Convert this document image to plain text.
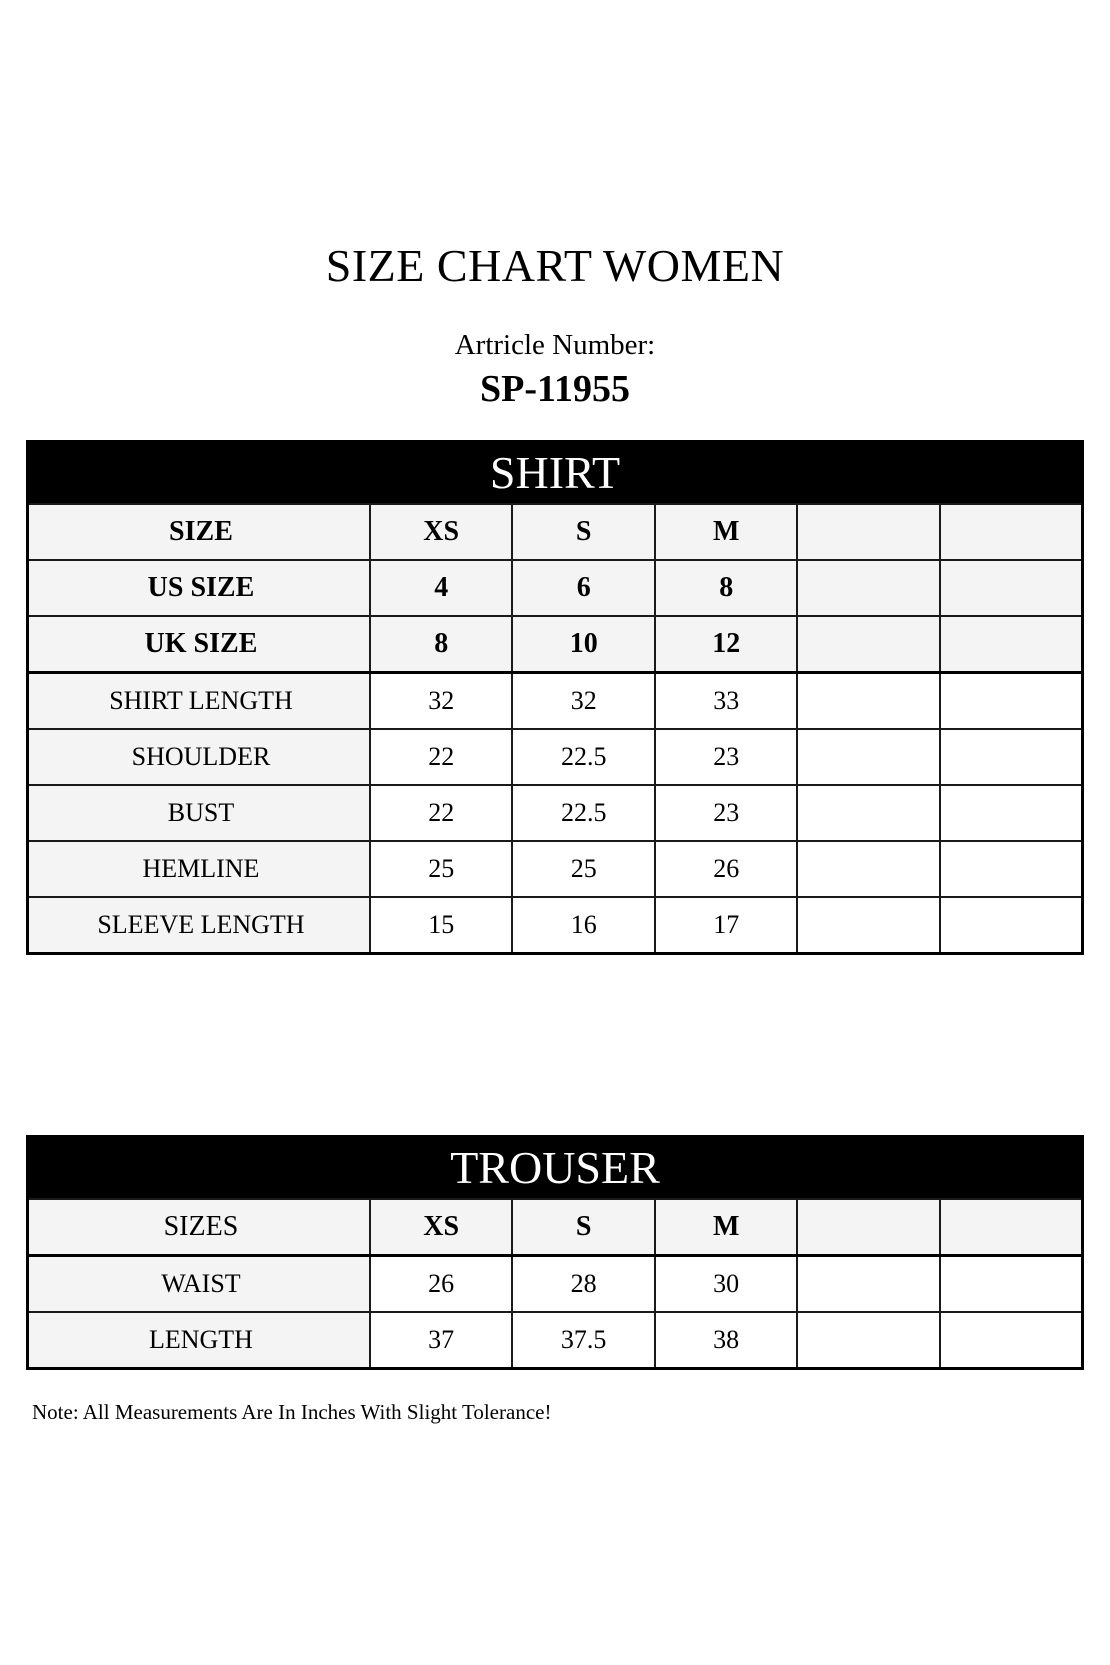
SIZE CHART WOMEN
Artricle Number:
SP-11955
SHIRT					
SIZE	XS	S	M		
US SIZE	4	6	8		
UK SIZE	8	10	12		
SHIRT LENGTH	32	32	33		
SHOULDER	22	22.5	23		
BUST	22	22.5	23		
HEMLINE	25	25	26		
SLEEVE LENGTH	15	16	17		
TROUSER					
SIZES	XS	S	M		
WAIST	26	28	30		
LENGTH	37	37.5	38		
Note: All Measurements Are In Inches With Slight Tolerance!
